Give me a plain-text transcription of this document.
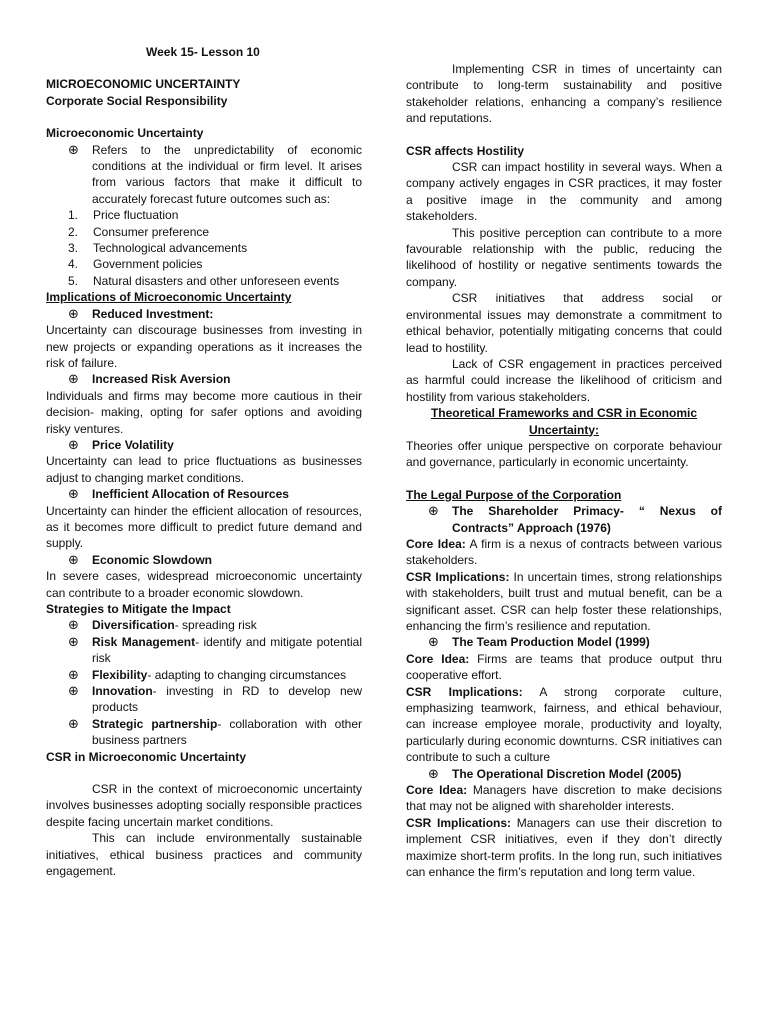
Week 15- Lesson 10

MICROECONOMIC UNCERTAINTY

Corporate Social Responsibility

Microeconomic Uncertainty

⊕	Refers to the unpredictability of economic conditions at the individual or firm level. It arises from various factors that make it difficult to accurately forecast future outcomes such as:
1.	Price fluctuation
2.	Consumer preference
3.	Technological advancements
4.	Government policies
5.	Natural disasters and other unforeseen events

Implications of Microeconomic Uncertainty

⊕	Reduced Investment:

Uncertainty can discourage businesses from investing in new projects or expanding operations as it increases the risk of failure.

⊕	Increased Risk Aversion

Individuals and firms may become more cautious in their decision- making, opting for safer options and avoiding risky ventures.

⊕	Price Volatility

Uncertainty can lead to price fluctuations as businesses adjust to changing market conditions.

⊕	Inefficient Allocation of Resources

Uncertainty can hinder the efficient allocation of resources, as it becomes more difficult to predict future demand and supply.

⊕	Economic Slowdown

In severe cases, widespread microeconomic uncertainty can contribute to a broader economic slowdown.

Strategies to Mitigate the Impact

⊕	Diversification- spreading risk
⊕	Risk Management- identify and mitigate potential risk
⊕	Flexibility- adapting to changing circumstances
⊕	Innovation- investing in RD to develop new products
⊕	Strategic partnership- collaboration with other business partners

CSR in Microeconomic Uncertainty

CSR in the context of microeconomic uncertainty involves businesses adopting socially responsible practices despite facing uncertain market conditions.

This can include environmentally sustainable initiatives, ethical business practices and community engagement.

Implementing CSR in times of uncertainty can contribute to long-term sustainability and positive stakeholder relations, enhancing a company’s resilience and reputations.

CSR affects Hostility

CSR can impact hostility in several ways. When a company actively engages in CSR practices, it may foster a positive image in the community and among stakeholders.

This positive perception can contribute to a more favourable relationship with the public, reducing the likelihood of hostility or negative sentiments towards the company.

CSR initiatives that address social or environmental issues may demonstrate a commitment to ethical behavior, potentially mitigating concerns that could lead to hostility.

Lack of CSR engagement in practices perceived as harmful could increase the likelihood of criticism and hostility from various stakeholders.

Theoretical Frameworks and CSR in Economic Uncertainty:

Theories offer unique perspective on corporate behaviour and governance, particularly in economic uncertainty.

The Legal Purpose of the Corporation

⊕	The Shareholder Primacy- “ Nexus of Contracts” Approach (1976)

Core Idea: A firm is a nexus of contracts between various stakeholders.

CSR Implications: In uncertain times, strong relationships with stakeholders, built trust and mutual benefit, can be a significant asset. CSR can help foster these relationships, enhancing the firm’s resilience and reputation.

⊕	The Team Production Model (1999)

Core Idea: Firms are teams that produce output thru cooperative effort.

CSR Implications: A strong corporate culture, emphasizing teamwork, fairness, and ethical behaviour, can increase employee morale, productivity and loyalty, particularly during economic downturns. CSR initiatives can contribute to such a culture

⊕	The Operational Discretion Model (2005)

Core Idea: Managers have discretion to make decisions that may not be aligned with shareholder interests.

CSR Implications: Managers can use their discretion to implement CSR initiatives, even if they don’t directly maximize short-term profits. In the long run, such initiatives can enhance the firm’s reputation and long term value.
